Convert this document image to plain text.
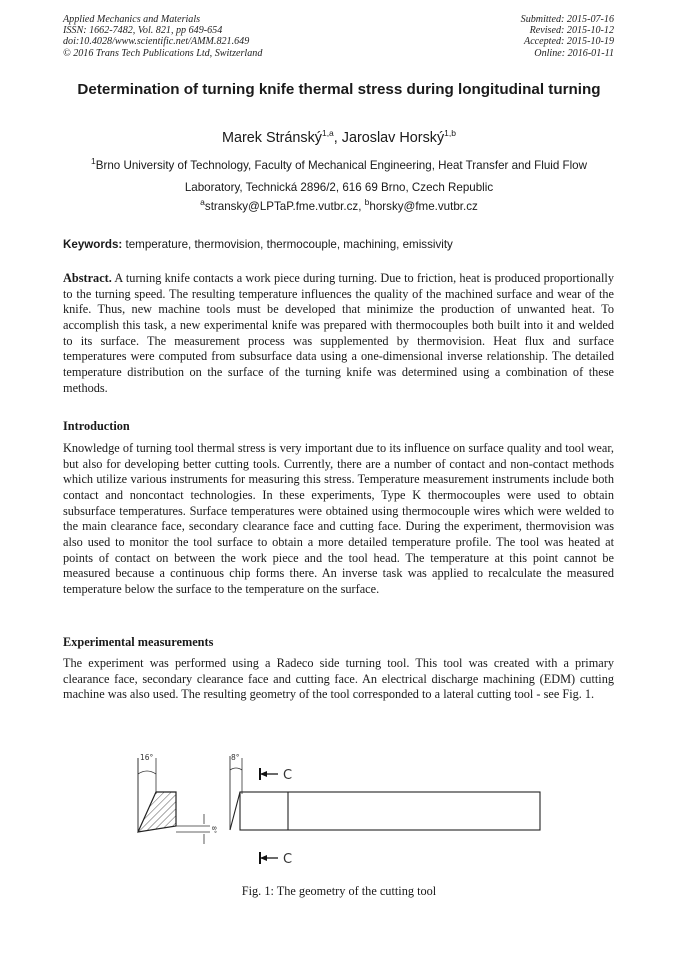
Applied Mechanics and Materials
ISSN: 1662-7482, Vol. 821, pp 649-654
doi:10.4028/www.scientific.net/AMM.821.649
© 2016 Trans Tech Publications Ltd, Switzerland
Submitted: 2015-07-16
Revised: 2015-10-12
Accepted: 2015-10-19
Online: 2016-01-11
Determination of turning knife thermal stress during longitudinal turning
Marek Stránský$^{1,a}$, Jaroslav Horský$^{1,b}$
$^1$Brno University of Technology, Faculty of Mechanical Engineering, Heat Transfer and Fluid Flow
Laboratory, Technická 2896/2, 616 69 Brno, Czech Republic
$^a$stransky@LPTaP.fme.vutbr.cz, $^b$horsky@fme.vutbr.cz
Keywords: temperature, thermovision, thermocouple, machining, emissivity
Abstract. A turning knife contacts a work piece during turning. Due to friction, heat is produced proportionally to the turning speed. The resulting temperature influences the quality of the machined surface and wear of the knife. Thus, new machine tools must be developed that minimize the production of unwanted heat. To accomplish this task, a new experimental knife was prepared with thermocouples both built into it and welded to its surface. The measurement process was supplemented by thermovision. Heat flux and surface temperatures were computed from subsurface data using a one-dimensional inverse relationship. The detailed temperature distribution on the surface of the turning knife was determined using a combination of these methods.
Introduction
Knowledge of turning tool thermal stress is very important due to its influence on surface quality and tool wear, but also for developing better cutting tools. Currently, there are a number of contact and non-contact methods which utilize various instruments for measuring this stress. Temperature measurement instruments include both contact and noncontact technologies. In these experiments, Type K thermocouples were used to obtain subsurface temperatures. Surface temperatures were obtained using thermocouple wires which were welded to the main clearance face, secondary clearance face and cutting face. During the experiment, thermovision was also used to monitor the tool surface to obtain a more detailed temperature profile. The tool was heated at points of contact on between the work piece and the tool head. The temperature at this point cannot be measured because a continuous chip forms there. An inverse task was applied to recalculate the measured temperature below the surface to the temperature on the surface.
Experimental measurements
The experiment was performed using a Radeco side turning tool. This tool was created with a primary clearance face, secondary clearance face and cutting face. An electrical discharge machining (EDM) cutting machine was also used. The resulting geometry of the tool corresponded to a lateral cutting tool - see Fig. 1.
16°
8°
8°
C
C
Fig. 1: The geometry of the cutting tool
